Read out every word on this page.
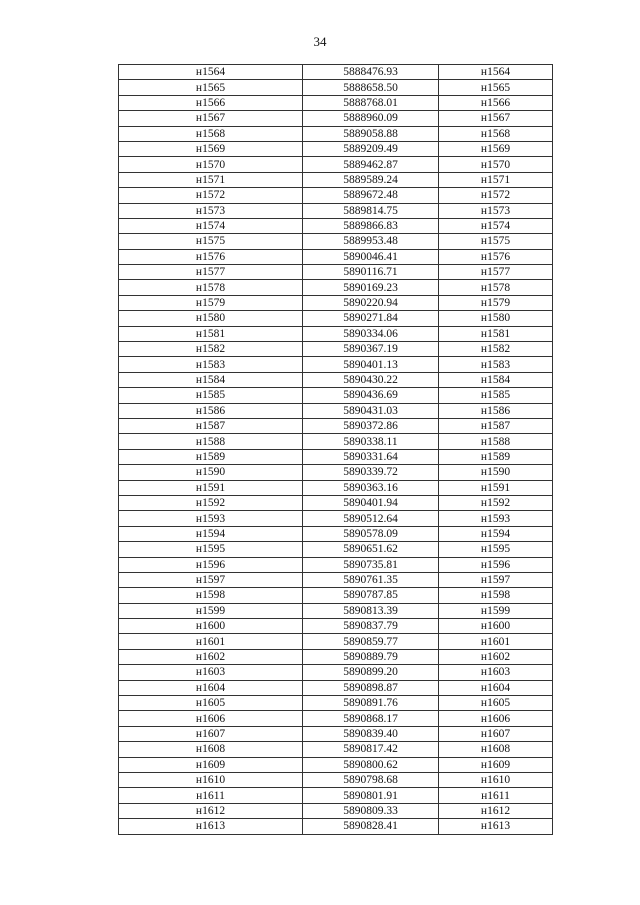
34
н1564	5888476.93	н1564
н1565	5888658.50	н1565
н1566	5888768.01	н1566
н1567	5888960.09	н1567
н1568	5889058.88	н1568
н1569	5889209.49	н1569
н1570	5889462.87	н1570
н1571	5889589.24	н1571
н1572	5889672.48	н1572
н1573	5889814.75	н1573
н1574	5889866.83	н1574
н1575	5889953.48	н1575
н1576	5890046.41	н1576
н1577	5890116.71	н1577
н1578	5890169.23	н1578
н1579	5890220.94	н1579
н1580	5890271.84	н1580
н1581	5890334.06	н1581
н1582	5890367.19	н1582
н1583	5890401.13	н1583
н1584	5890430.22	н1584
н1585	5890436.69	н1585
н1586	5890431.03	н1586
н1587	5890372.86	н1587
н1588	5890338.11	н1588
н1589	5890331.64	н1589
н1590	5890339.72	н1590
н1591	5890363.16	н1591
н1592	5890401.94	н1592
н1593	5890512.64	н1593
н1594	5890578.09	н1594
н1595	5890651.62	н1595
н1596	5890735.81	н1596
н1597	5890761.35	н1597
н1598	5890787.85	н1598
н1599	5890813.39	н1599
н1600	5890837.79	н1600
н1601	5890859.77	н1601
н1602	5890889.79	н1602
н1603	5890899.20	н1603
н1604	5890898.87	н1604
н1605	5890891.76	н1605
н1606	5890868.17	н1606
н1607	5890839.40	н1607
н1608	5890817.42	н1608
н1609	5890800.62	н1609
н1610	5890798.68	н1610
н1611	5890801.91	н1611
н1612	5890809.33	н1612
н1613	5890828.41	н1613
